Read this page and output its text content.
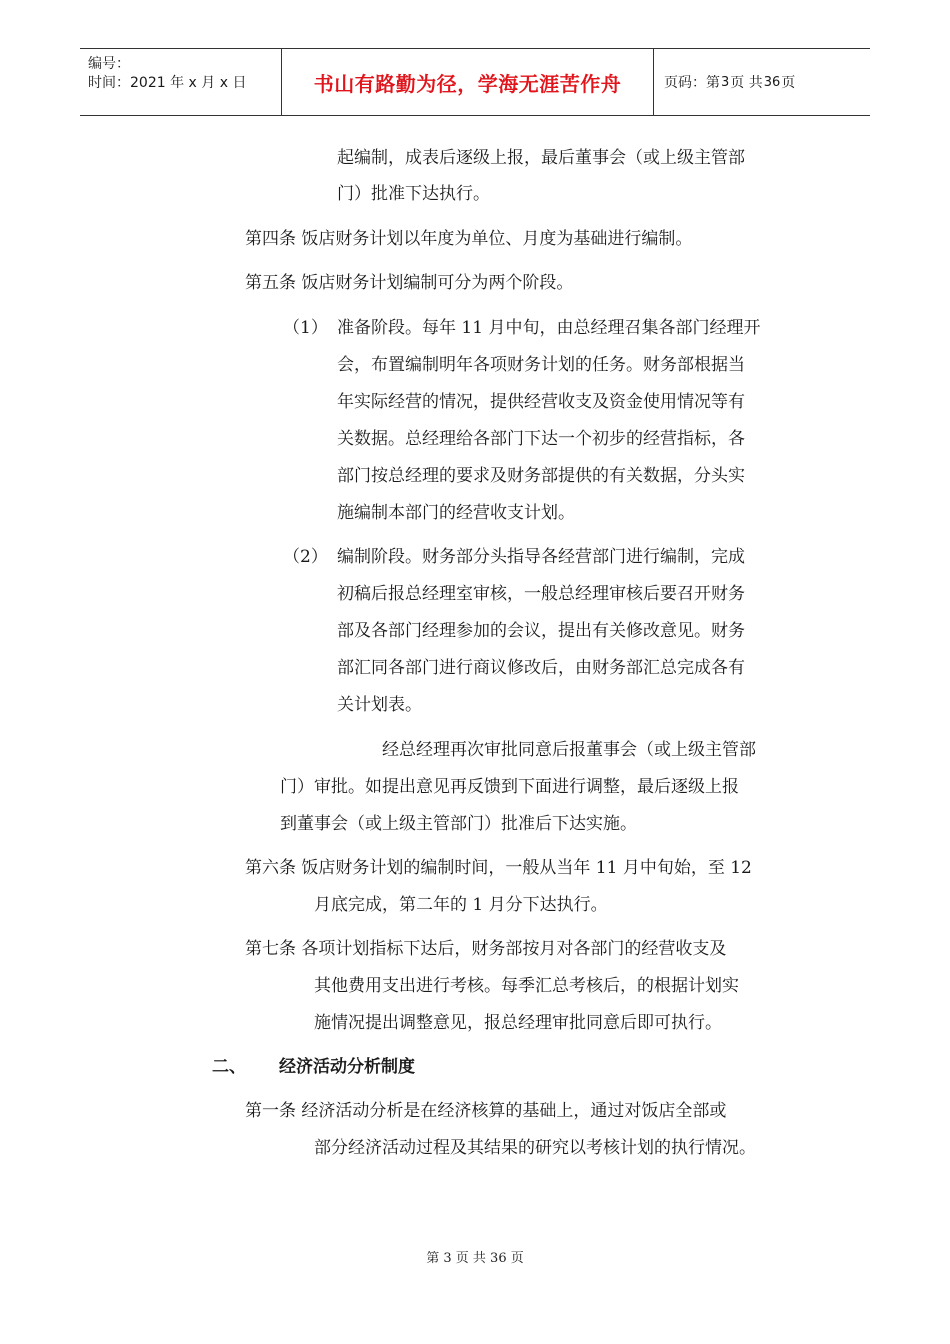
编号：
时间：2021 年 x 月 x 日	书山有路勤为径，学海无涯苦作舟	页码：第 3 页 共 36 页
起编制，成表后逐级上报，最后董事会（或上级主管部
门）批准下达执行。
第四条 饭店财务计划以年度为单位、月度为基础进行编制。
第五条 饭店财务计划编制可分为两个阶段。
（1） 准备阶段。每年 11 月中旬，由总经理召集各部门经理开
会，布置编制明年各项财务计划的任务。财务部根据当
年实际经营的情况，提供经营收支及资金使用情况等有
关数据。总经理给各部门下达一个初步的经营指标，各
部门按总经理的要求及财务部提供的有关数据，分头实
施编制本部门的经营收支计划。
（2） 编制阶段。财务部分头指导各经营部门进行编制，完成
初稿后报总经理室审核，一般总经理审核后要召开财务
部及各部门经理参加的会议，提出有关修改意见。财务
部汇同各部门进行商议修改后，由财务部汇总完成各有
关计划表。
经总经理再次审批同意后报董事会（或上级主管部
门）审批。如提出意见再反馈到下面进行调整，最后逐级上报
到董事会（或上级主管部门）批准后下达实施。
第六条 饭店财务计划的编制时间，一般从当年 11 月中旬始，至 12
月底完成，第二年的 1 月分下达执行。
第七条 各项计划指标下达后，财务部按月对各部门的经营收支及
其他费用支出进行考核。每季汇总考核后，的根据计划实
施情况提出调整意见，报总经理审批同意后即可执行。
二、 经济活动分析制度
第一条 经济活动分析是在经济核算的基础上，通过对饭店全部或
部分经济活动过程及其结果的研究以考核计划的执行情况。
第 3 页 共 36 页
